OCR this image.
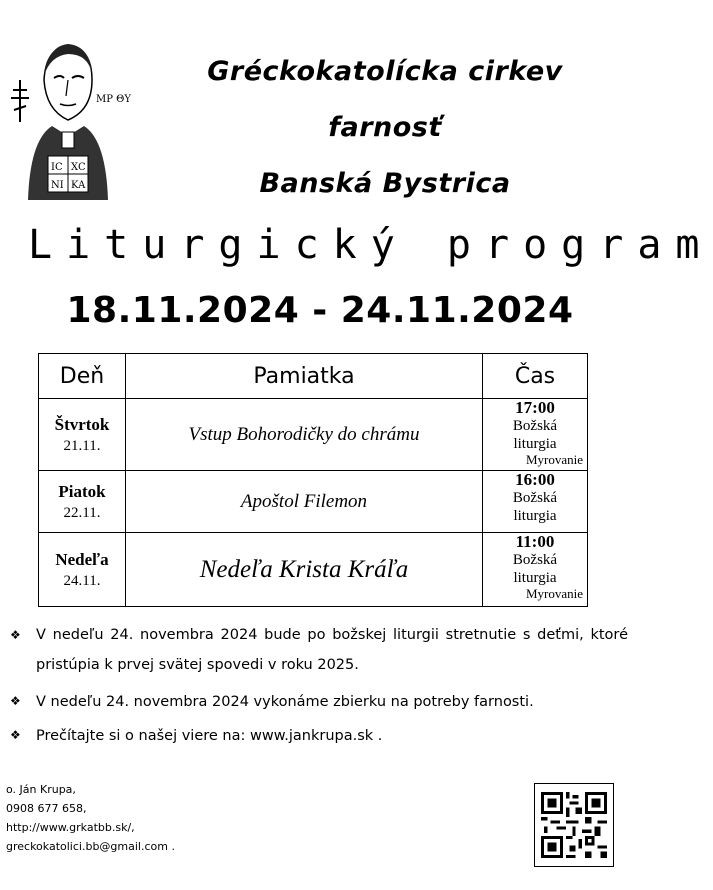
IC XC
NI KA
MP ΘY
Gréckokatolícka cirkev
farnosť
Banská Bystrica
Liturgický program
18.11.2024 - 24.11.2024
Deň	Pamiatka	Čas

Štvrtok
21.11.	Vstup Bohorodičky do chrámu	17:00
Božská
liturgia
Myrovanie

Piatok
22.11.	Apoštol Filemon	16:00
Božská
liturgia

Nedeľa
24.11.	Nedeľa Krista Kráľa	11:00
Božská
liturgia
Myrovanie
❖ V nedeľu 24. novembra 2024 bude po božskej liturgii stretnutie s deťmi, ktoré pristúpia k prvej svätej spovedi v roku 2025.
❖ V nedeľu 24. novembra 2024 vykonáme zbierku na potreby farnosti.
❖ Prečítajte si o našej viere na: www.jankrupa.sk .
o. Ján Krupa,
0908 677 658,
http://www.grkatbb.sk/,
greckokatolici.bb@gmail.com .
